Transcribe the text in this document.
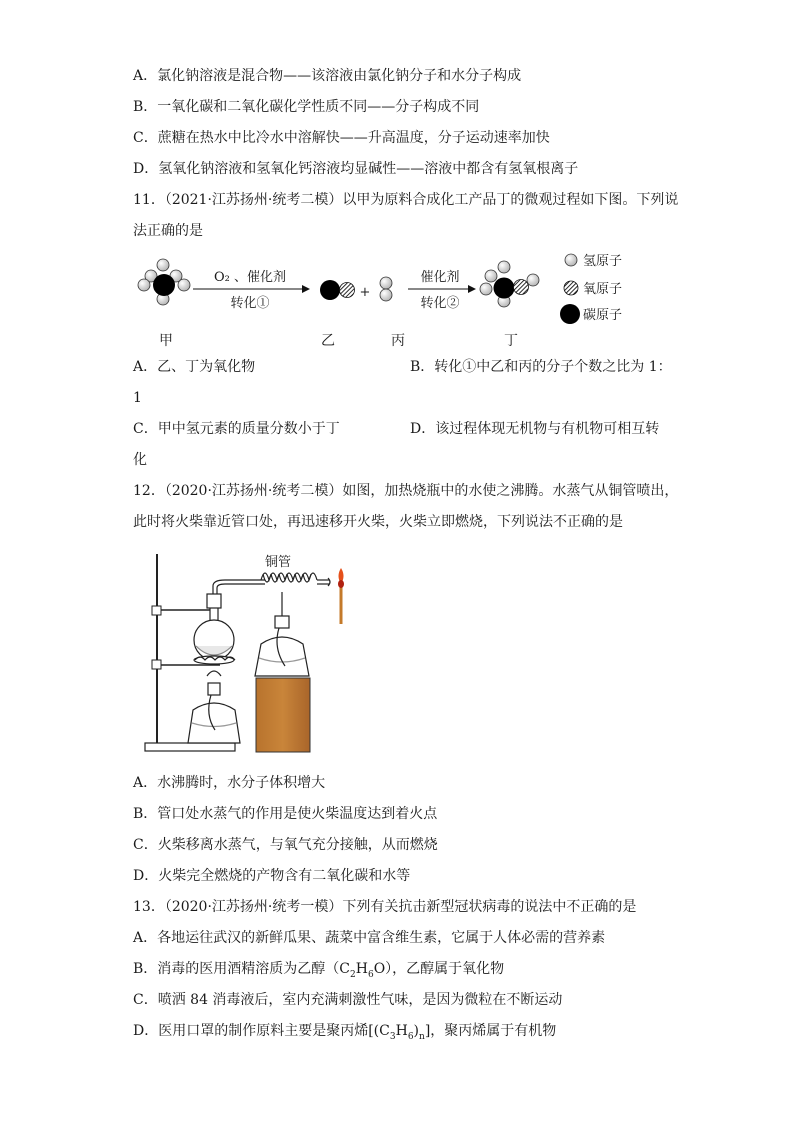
A．氯化钠溶液是混合物——该溶液由氯化钠分子和水分子构成
B．一氧化碳和二氧化碳化学性质不同——分子构成不同
C．蔗糖在热水中比冷水中溶解快——升高温度，分子运动速率加快
D．氢氧化钠溶液和氢氧化钙溶液均显碱性——溶液中都含有氢氧根离子
11．（2021·江苏扬州·统考二模）以甲为原料合成化工产品丁的微观过程如下图。下列说
法正确的是
O₂ 、催化剂
转化①
+
催化剂
转化②
氢原子
氧原子
碳原子
甲	乙	丙	丁
A．乙、丁为氧化物	B．转化①中乙和丙的分子个数之比为 1：
1
C．甲中氢元素的质量分数小于丁	D．该过程体现无机物与有机物可相互转
化
12．（2020·江苏扬州·统考二模）如图，加热烧瓶中的水使之沸腾。水蒸气从铜管喷出，
此时将火柴靠近管口处，再迅速移开火柴，火柴立即燃烧，下列说法不正确的是
铜管
A．水沸腾时，水分子体积增大
B．管口处水蒸气的作用是使火柴温度达到着火点
C．火柴移离水蒸气，与氧气充分接触，从而燃烧
D．火柴完全燃烧的产物含有二氧化碳和水等
13．（2020·江苏扬州·统考一模）下列有关抗击新型冠状病毒的说法中不正确的是
A．各地运往武汉的新鲜瓜果、蔬菜中富含维生素，它属于人体必需的营养素
B．消毒的医用酒精溶质为乙醇$(C_2H_6O)$，乙醇属于氧化物
C．喷洒 84 消毒液后，室内充满刺激性气味，是因为微粒在不断运动
D．医用口罩的制作原料主要是聚丙烯$[(C_3H_6)_n]$，聚丙烯属于有机物
